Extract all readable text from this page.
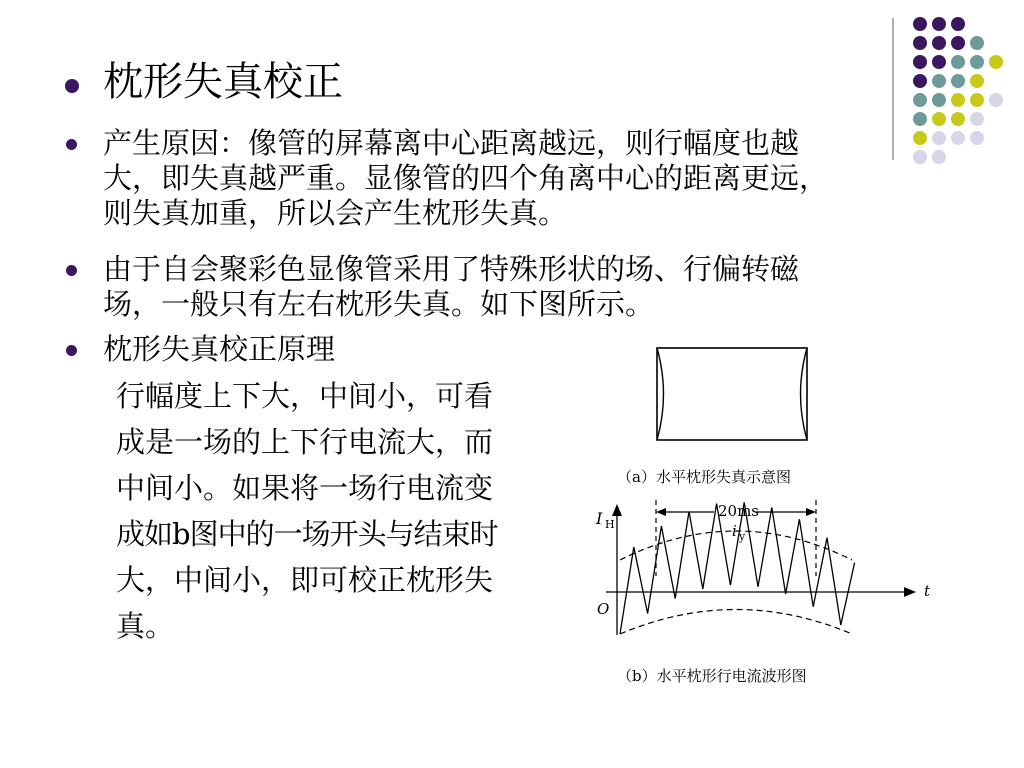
枕形失真校正
产生原因：像管的屏幕离中心距离越远，则行幅度也越
大，即失真越严重。显像管的四个角离中心的距离更远，
则失真加重，所以会产生枕形失真。
由于自会聚彩色显像管采用了特殊形状的场、行偏转磁
场，一般只有左右枕形失真。如下图所示。
枕形失真校正原理
行幅度上下大，中间小，可看
成是一场的上下行电流大，而
中间小。如果将一场行电流变
成如b图中的一场开头与结束时
大，中间小，即可校正枕形失
真。
（a）水平枕形失真示意图
I H
t
O
20ms
i y
（b）水平枕形行电流波形图
